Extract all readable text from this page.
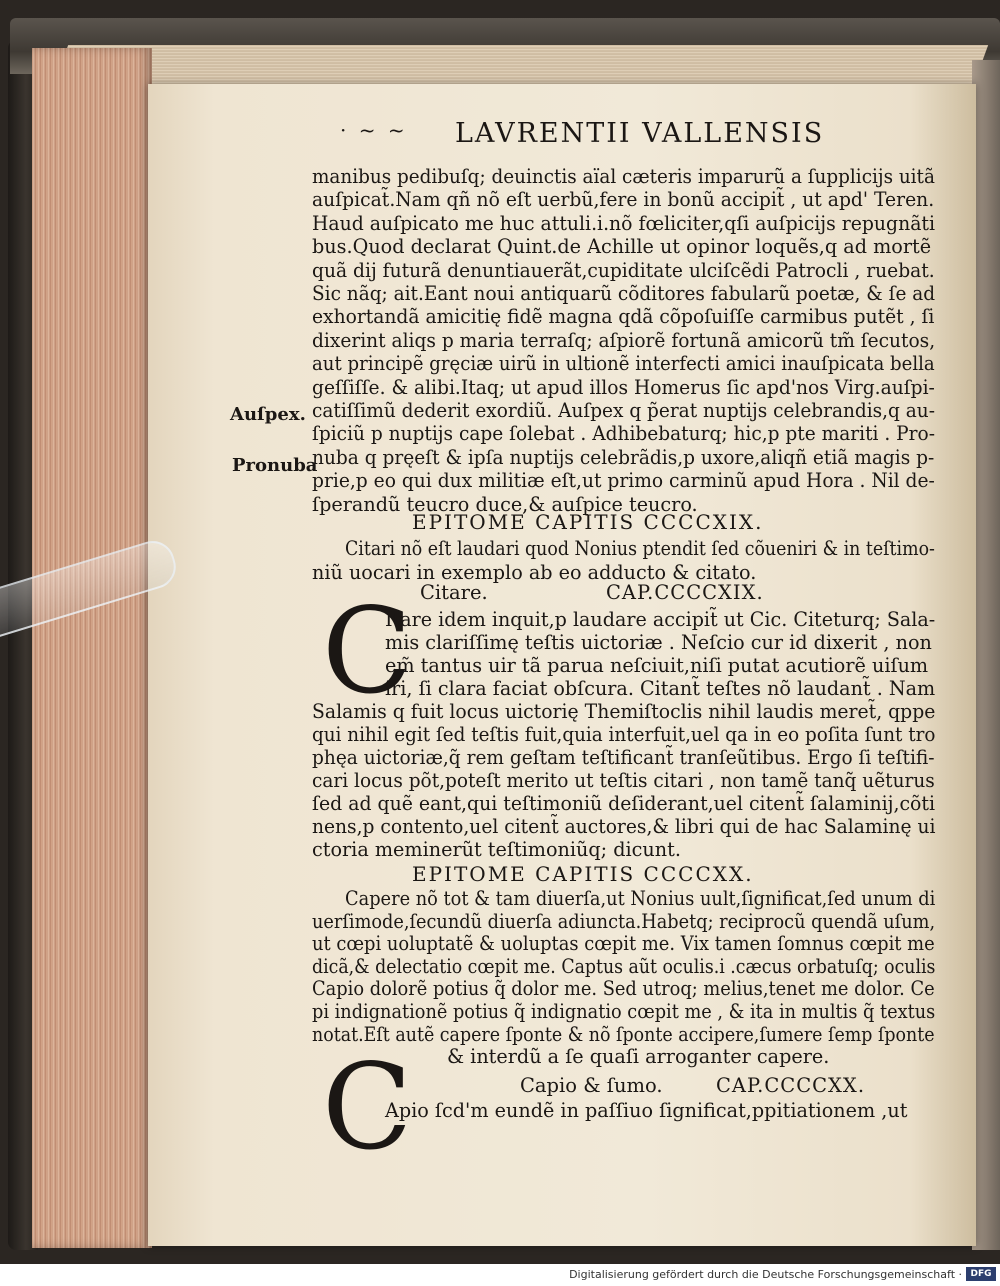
· ~ ~ LAVRENTII VALLENSIS
manibus pedibuſq; deuinctis aïal cæteris imparurũ a ſupplicijs uitã
auſpicat̃.Nam qñ nõ eſt uerbũ,fere in bonũ accipit̃ , ut apd' Teren.
Haud auſpicato me huc attuli.i.nõ fœliciter,qſi auſpicijs repugnãti
bus.Quod declarat Quint.de Achille ut opinor loquẽs,q ad mortẽ
quã dij futurã denuntiauerãt,cupiditate ulciſcẽdi Patrocli , ruebat.
Sic nãq; ait.Eant noui antiquarũ cõditores fabularũ poetæ, & ſe ad
exhortandã amicitię fidẽ magna qdã cõpoſuiſſe carmibus putẽt , ſi
dixerint aliqs p maria terraſq; aſpiorẽ fortunã amicorũ tm̃ ſecutos,
aut principẽ gręciæ uirũ in ultionẽ interfecti amici inauſpicata bella
geſſiſſe. & alibi.Itaq; ut apud illos Homerus ſic apd'nos Virg.auſpi-
catiſſimũ dederit exordiũ. Auſpex q p̃erat nuptijs celebrandis,q au-
ſpiciũ p nuptijs cape ſolebat . Adhibebaturq; hic,p pte mariti . Pro-
nuba q pręeſt & ipſa nuptijs celebrãdis,p uxore,aliqñ etiã magis p-
prie,p eo qui dux militiæ eſt,ut primo carminũ apud Hora . Nil de-
ſperandũ teucro duce,& auſpice teucro.
Auſpex.
Pronuba
EPITOME CAPITIS CCCCXIX.
Citari nõ eſt laudari quod Nonius ptendit ſed cõueniri & in teſtimo-
niũ uocari in exemplo ab eo adducto & citato.
Citare.	CAP.CCCCXIX.
C
Itare idem inquit,p laudare accipit̃ ut Cic. Citeturq; Sala-
mis clariſſimę teſtis uictoriæ . Neſcio cur id dixerit , non
em̃ tantus uir tã parua neſciuit,niſi putat acutiorẽ uiſum
iri, ſi clara faciat obſcura. Citant̃ teſtes nõ laudant̃ . Nam
Salamis q fuit locus uictorię Themiſtoclis nihil laudis meret̃, qppe
qui nihil egit ſed teſtis fuit,quia interfuit,uel qa in eo poſita ſunt tro
phęa uictoriæ,q̃ rem geſtam teſtificant̃ tranſeũtibus. Ergo ſi teſtifi-
cari locus põt,poteſt merito ut teſtis citari , non tamẽ tanq̃ uẽturus
ſed ad quẽ eant,qui teſtimoniũ deſiderant,uel citent̃ ſalaminij,cõti
nens,p contento,uel citent̃ auctores,& libri qui de hac Salaminę ui
ctoria meminerũt teſtimoniũq; dicunt.
EPITOME CAPITIS CCCCXX.
Capere nõ tot & tam diuerſa,ut Nonius uult,ſignificat,ſed unum di
uerſimode,ſecundũ diuerſa adiuncta.Habetq; reciprocũ quendã uſum,
ut cœpi uoluptatẽ & uoluptas cœpit me. Vix tamen ſomnus cœpit me
dicã,& delectatio cœpit me. Captus aũt oculis.i .cæcus orbatuſq; oculis
Capio dolorẽ potius q̃ dolor me. Sed utroq; melius,tenet me dolor. Ce
pi indignationẽ potius q̃ indignatio cœpit me , & ita in multis q̃ textus
notat.Eſt autẽ capere ſponte & nõ ſponte accipere,ſumere ſemp ſponte
& interdũ a ſe quaſi arroganter capere.
C	Capio & ſumo.	CAP.CCCCXX.
Apio ſcd'm eundẽ in paſſiuo ſignificat,ppitiationem ,ut
Digitalisierung gefördert durch die Deutsche Forschungsgemeinschaft · DFG
